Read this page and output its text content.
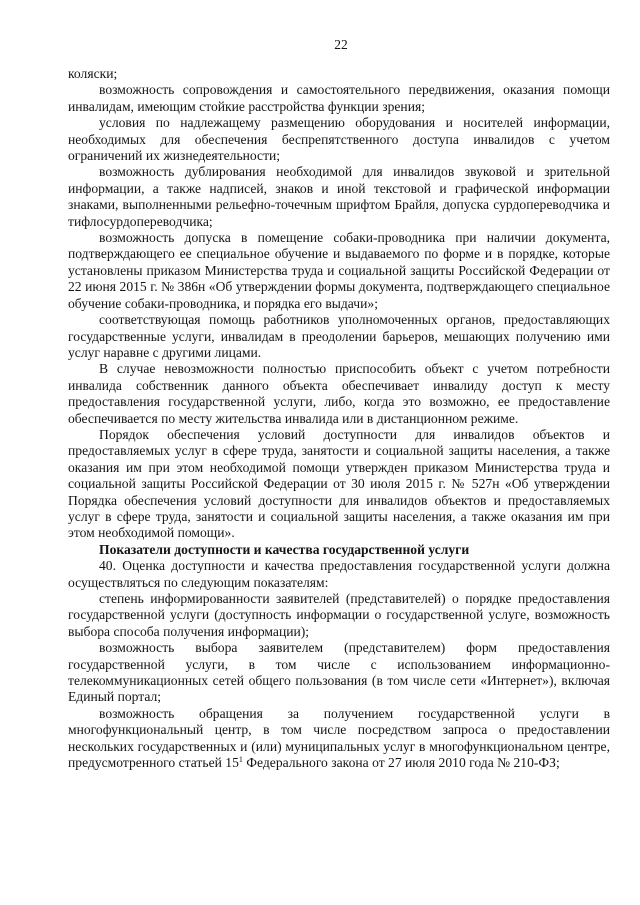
22

коляски;

возможность сопровождения и самостоятельного передвижения, оказания помощи инвалидам, имеющим стойкие расстройства функции зрения;

условия по надлежащему размещению оборудования и носителей информации, необходимых для обеспечения беспрепятственного доступа инвалидов с учетом ограничений их жизнедеятельности;

возможность дублирования необходимой для инвалидов звуковой и зрительной информации, а также надписей, знаков и иной текстовой и графической информации знаками, выполненными рельефно-точечным шрифтом Брайля, допуска сурдопереводчика и тифлосурдопереводчика;

возможность допуска в помещение собаки-проводника при наличии документа, подтверждающего ее специальное обучение и выдаваемого по форме и в порядке, которые установлены приказом Министерства труда и социальной защиты Российской Федерации от 22 июня 2015 г. № 386н «Об утверждении формы документа, подтверждающего специальное обучение собаки-проводника, и порядка его выдачи»;

соответствующая помощь работников уполномоченных органов, предоставляющих государственные услуги, инвалидам в преодолении барьеров, мешающих получению ими услуг наравне с другими лицами.

В случае невозможности полностью приспособить объект с учетом потребности инвалида собственник данного объекта обеспечивает инвалиду доступ к месту предоставления государственной услуги, либо, когда это возможно, ее предоставление обеспечивается по месту жительства инвалида или в дистанционном режиме.

Порядок обеспечения условий доступности для инвалидов объектов и предоставляемых услуг в сфере труда, занятости и социальной защиты населения, а также оказания им при этом необходимой помощи утвержден приказом Министерства труда и социальной защиты Российской Федерации от 30 июля 2015 г. № 527н «Об утверждении Порядка обеспечения условий доступности для инвалидов объектов и предоставляемых услуг в сфере труда, занятости и социальной защиты населения, а также оказания им при этом необходимой помощи».

Показатели доступности и качества государственной услуги

40. Оценка доступности и качества предоставления государственной услуги должна осуществляться по следующим показателям:

степень информированности заявителей (представителей) о порядке предоставления государственной услуги (доступность информации о государственной услуге, возможность выбора способа получения информации);

возможность выбора заявителем (представителем) форм предоставления государственной услуги, в том числе с использованием информационно-телекоммуникационных сетей общего пользования (в том числе сети «Интернет»), включая Единый портал;

возможность обращения за получением государственной услуги в многофункциональный центр, в том числе посредством запроса о предоставлении нескольких государственных и (или) муниципальных услуг в многофункциональном центре, предусмотренного статьей $15^1$ Федерального закона от 27 июля 2010 года № 210-ФЗ;
